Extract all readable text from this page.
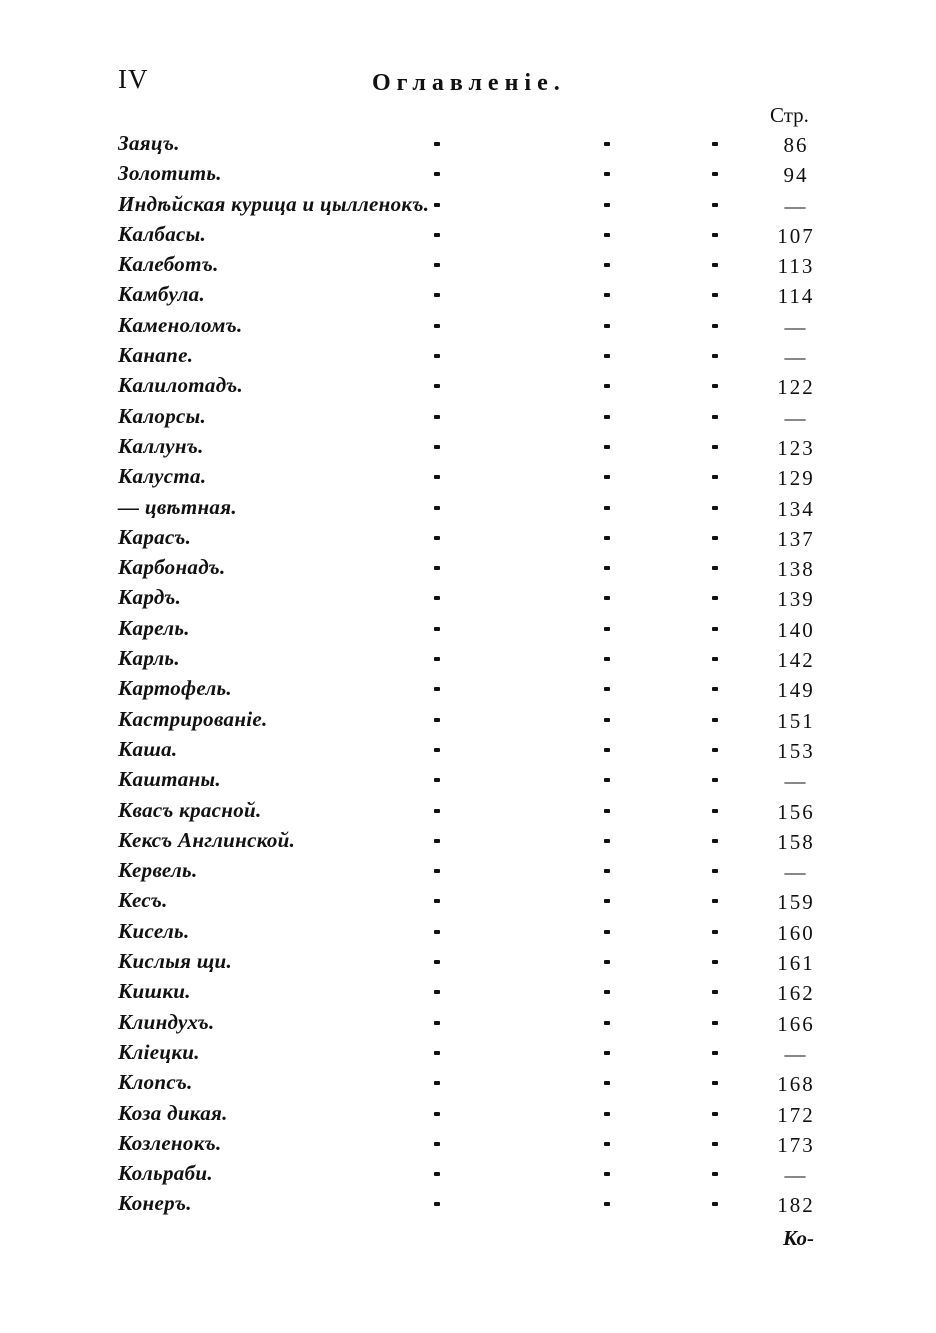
IV	Оглавленiе.
Стр.
Заяцъ.	86
Золотить.	94
Индѣйская курица и цылленокъ.	—
Калбасы.	107
Калеботъ.	113
Камбула.	114
Каменоломъ.	—
Канапе.	—
Калилотадъ.	122
Калорсы.	—
Каллунъ.	123
Калуста.	129
— цвѣтная.	134
Карасъ.	137
Карбонадъ.	138
Кардъ.	139
Карель.	140
Карль.	142
Картофель.	149
Кастрированiе.	151
Каша.	153
Каштаны.	—
Квасъ красной.	156
Кексъ Англинской.	158
Кервель.	—
Кесъ.	159
Кисель.	160
Кислыя щи.	161
Кишки.	162
Клиндухъ.	166
Клiецки.	—
Клопсъ.	168
Коза дикая.	172
Козленокъ.	173
Кольраби.	—
Конеръ.	182
Ко-
